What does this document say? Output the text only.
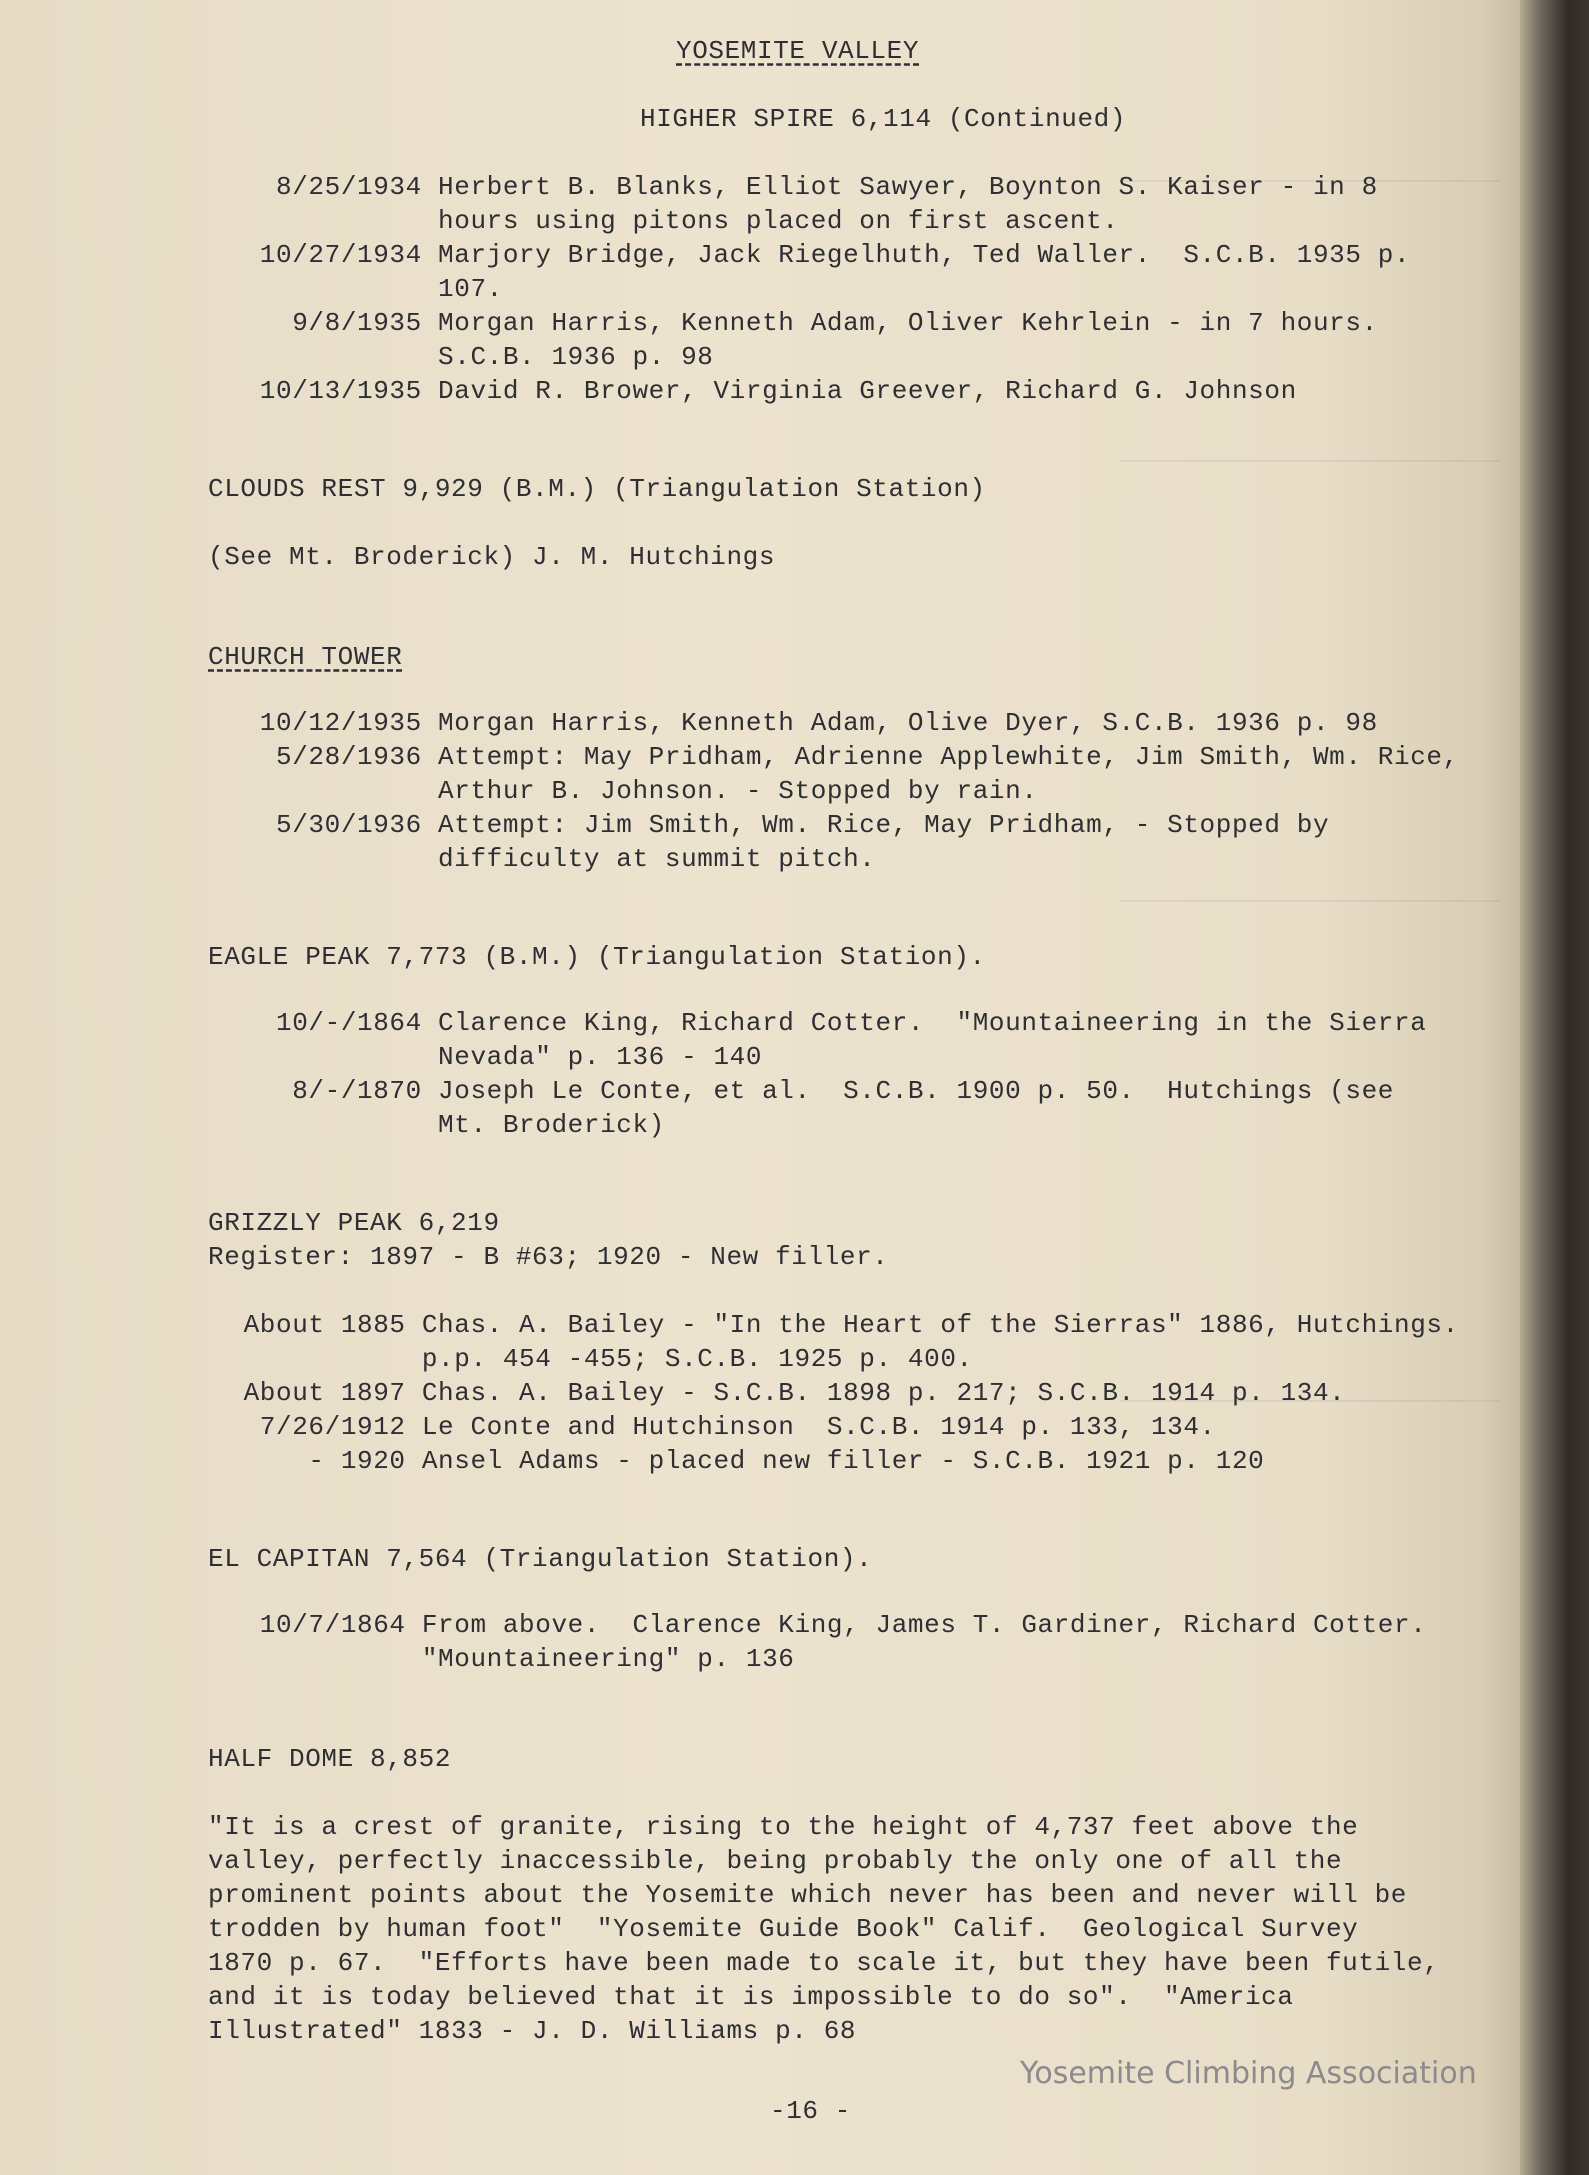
YOSEMITE VALLEY
HIGHER SPIRE 6,114 (Continued)
8/25/1934 Herbert B. Blanks, Elliot Sawyer, Boynton S. Kaiser - in 8
hours using pitons placed on first ascent.
10/27/1934 Marjory Bridge, Jack Riegelhuth, Ted Waller.  S.C.B. 1935 p.
107.
9/8/1935 Morgan Harris, Kenneth Adam, Oliver Kehrlein - in 7 hours.
S.C.B. 1936 p. 98
10/13/1935 David R. Brower, Virginia Greever, Richard G. Johnson
CLOUDS REST 9,929 (B.M.) (Triangulation Station)
(See Mt. Broderick) J. M. Hutchings
CHURCH TOWER
10/12/1935 Morgan Harris, Kenneth Adam, Olive Dyer, S.C.B. 1936 p. 98
5/28/1936 Attempt: May Pridham, Adrienne Applewhite, Jim Smith, Wm. Rice,
Arthur B. Johnson. - Stopped by rain.
5/30/1936 Attempt: Jim Smith, Wm. Rice, May Pridham, - Stopped by
difficulty at summit pitch.
EAGLE PEAK 7,773 (B.M.) (Triangulation Station).
10/-/1864 Clarence King, Richard Cotter.  "Mountaineering in the Sierra
Nevada" p. 136 - 140
8/-/1870 Joseph Le Conte, et al.  S.C.B. 1900 p. 50.  Hutchings (see
Mt. Broderick)
GRIZZLY PEAK 6,219
Register: 1897 - B #63; 1920 - New filler.
About 1885 Chas. A. Bailey - "In the Heart of the Sierras" 1886, Hutchings.
p.p. 454 -455; S.C.B. 1925 p. 400.
About 1897 Chas. A. Bailey - S.C.B. 1898 p. 217; S.C.B. 1914 p. 134.
7/26/1912 Le Conte and Hutchinson  S.C.B. 1914 p. 133, 134.
- 1920 Ansel Adams - placed new filler - S.C.B. 1921 p. 120
EL CAPITAN 7,564 (Triangulation Station).
10/7/1864 From above.  Clarence King, James T. Gardiner, Richard Cotter.
"Mountaineering" p. 136
HALF DOME 8,852
"It is a crest of granite, rising to the height of 4,737 feet above the
valley, perfectly inaccessible, being probably the only one of all the
prominent points about the Yosemite which never has been and never will be
trodden by human foot"  "Yosemite Guide Book" Calif.  Geological Survey
1870 p. 67.  "Efforts have been made to scale it, but they have been futile,
and it is today believed that it is impossible to do so".  "America
Illustrated" 1833 - J. D. Williams p. 68
-16 -
Yosemite Climbing Association
